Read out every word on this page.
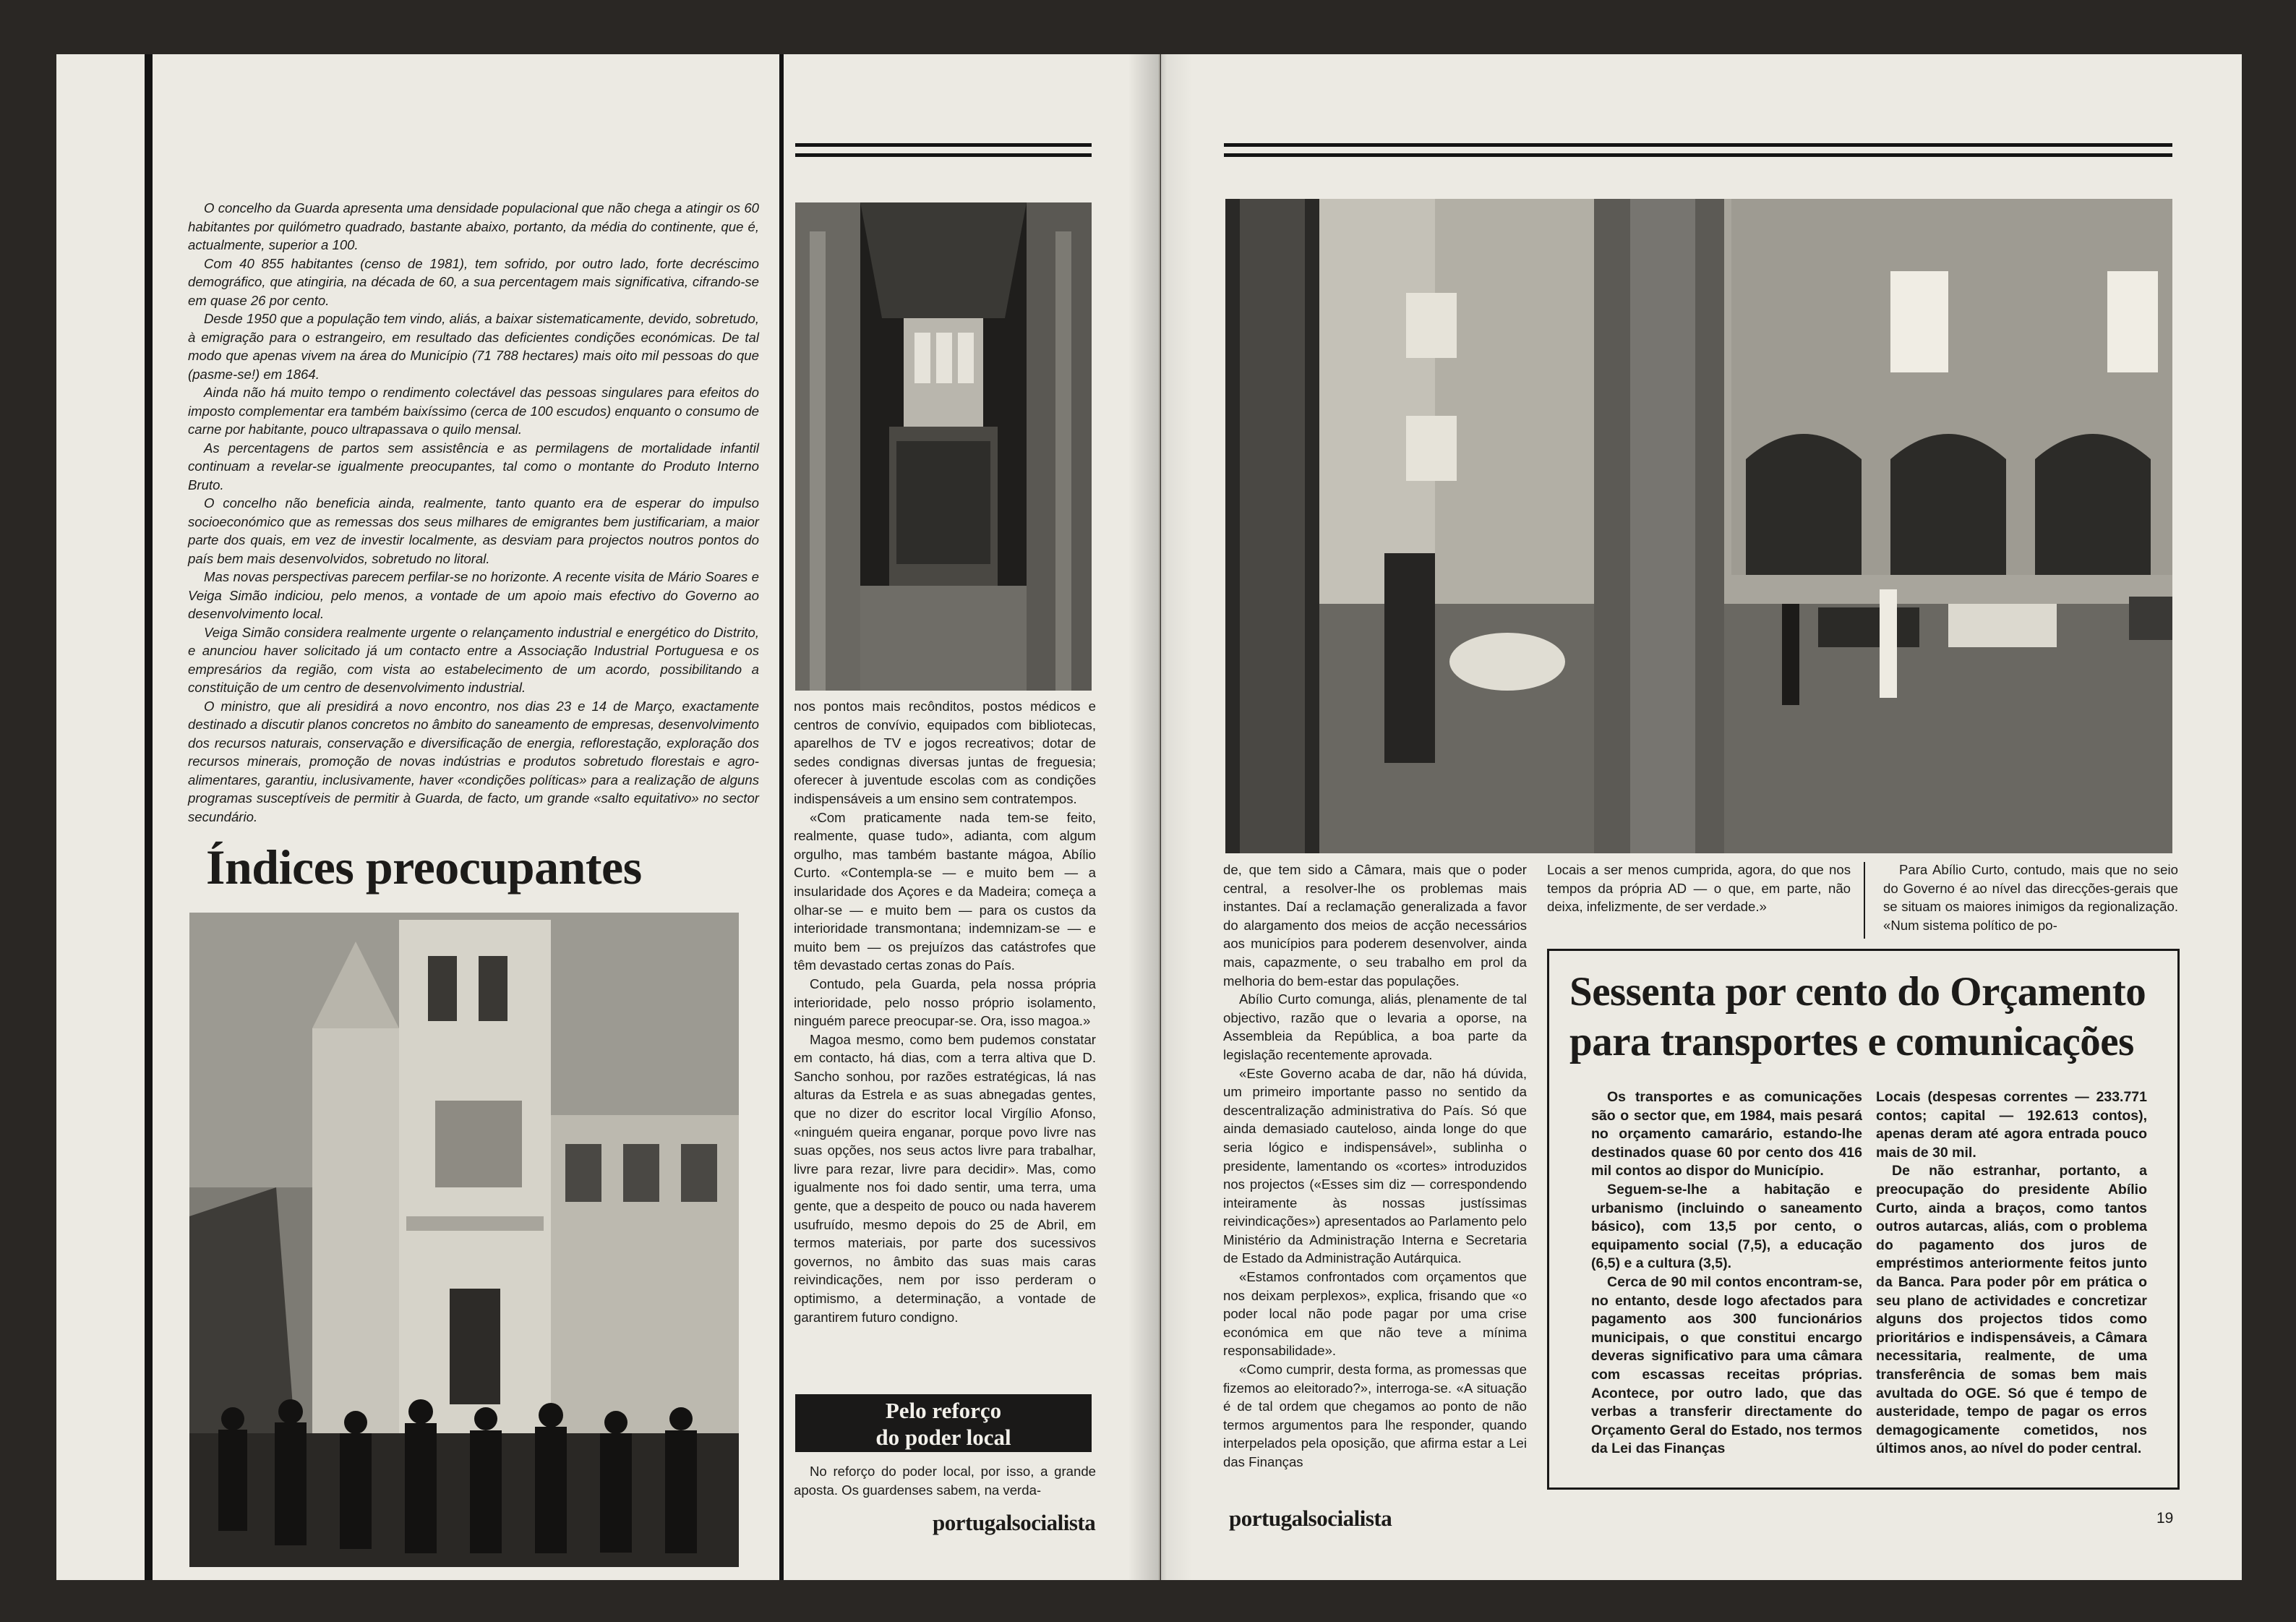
O concelho da Guarda apresenta uma densidade populacional que não chega a atingir os 60 habitantes por quilómetro quadrado, bastante abaixo, portanto, da média do continente, que é, actualmente, superior a 100.

Com 40 855 habitantes (censo de 1981), tem sofrido, por outro lado, forte decréscimo demográfico, que atingiria, na década de 60, a sua percentagem mais significativa, cifrando-se em quase 26 por cento.

Desde 1950 que a população tem vindo, aliás, a baixar sistematicamente, devido, sobretudo, à emigração para o estrangeiro, em resultado das deficientes condições económicas. De tal modo que apenas vivem na área do Município (71 788 hectares) mais oito mil pessoas do que (pasme-se!) em 1864.

Ainda não há muito tempo o rendimento colectável das pessoas singulares para efeitos do imposto complementar era também baixíssimo (cerca de 100 escudos) enquanto o consumo de carne por habitante, pouco ultrapassava o quilo mensal.

As percentagens de partos sem assistência e as permilagens de mortalidade infantil continuam a revelar-se igualmente preocupantes, tal como o montante do Produto Interno Bruto.

O concelho não beneficia ainda, realmente, tanto quanto era de esperar do impulso socioeconómico que as remessas dos seus milhares de emigrantes bem justificariam, a maior parte dos quais, em vez de investir localmente, as desviam para projectos noutros pontos do país bem mais desenvolvidos, sobretudo no litoral.

Mas novas perspectivas parecem perfilar-se no horizonte. A recente visita de Mário Soares e Veiga Simão indiciou, pelo menos, a vontade de um apoio mais efectivo do Governo ao desenvolvimento local.

Veiga Simão considera realmente urgente o relançamento industrial e energético do Distrito, e anunciou haver solicitado já um contacto entre a Associação Industrial Portuguesa e os empresários da região, com vista ao estabelecimento de um acordo, possibilitando a constituição de um centro de desenvolvimento industrial.

O ministro, que ali presidirá a novo encontro, nos dias 23 e 14 de Março, exactamente destinado a discutir planos concretos no âmbito do saneamento de empresas, desenvolvimento dos recursos naturais, conservação e diversificação de energia, reflorestação, exploração dos recursos minerais, promoção de novas indústrias e produtos sobretudo florestais e agro-alimentares, garantiu, inclusivamente, haver «condições políticas» para a realização de alguns programas susceptíveis de permitir à Guarda, de facto, um grande «salto equitativo» no sector secundário.

Índices preocupantes

nos pontos mais recônditos, postos médicos e centros de convívio, equipados com bibliotecas, aparelhos de TV e jogos recreativos; dotar de sedes condignas diversas juntas de freguesia; oferecer à juventude escolas com as condições indispensáveis a um ensino sem contratempos.

«Com praticamente nada tem-se feito, realmente, quase tudo», adianta, com algum orgulho, mas também bastante mágoa, Abílio Curto. «Contempla-se — e muito bem — a insularidade dos Açores e da Madeira; começa a olhar-se — e muito bem — para os custos da interioridade transmontana; indemnizam-se — e muito bem — os prejuízos das catástrofes que têm devastado certas zonas do País.

Contudo, pela Guarda, pela nossa própria interioridade, pelo nosso próprio isolamento, ninguém parece preocupar-se. Ora, isso magoa.»

Magoa mesmo, como bem pudemos constatar em contacto, há dias, com a terra altiva que D. Sancho sonhou, por razões estratégicas, lá nas alturas da Estrela e as suas abnegadas gentes, que no dizer do escritor local Virgílio Afonso, «ninguém queira enganar, porque povo livre nas suas opções, nos seus actos livre para trabalhar, livre para rezar, livre para decidir». Mas, como igualmente nos foi dado sentir, uma terra, uma gente, que a despeito de pouco ou nada haverem usufruído, mesmo depois do 25 de Abril, em termos materiais, por parte dos sucessivos governos, no âmbito das suas mais caras reivindicações, nem por isso perderam o optimismo, a determinação, a vontade de garantirem futuro condigno.

Pelo reforço
do poder local

No reforço do poder local, por isso, a grande aposta. Os guardenses sabem, na verda-

portugalsocialista

de, que tem sido a Câmara, mais que o poder central, a resolver-lhe os problemas mais instantes. Daí a reclamação generalizada a favor do alargamento dos meios de acção necessários aos municípios para poderem desenvolver, ainda mais, capazmente, o seu trabalho em prol da melhoria do bem-estar das populações.

Abílio Curto comunga, aliás, plenamente de tal objectivo, razão que o levaria a oporse, na Assembleia da República, a boa parte da legislação recentemente aprovada.

«Este Governo acaba de dar, não há dúvida, um primeiro importante passo no sentido da descentralização administrativa do País. Só que ainda demasiado cauteloso, ainda longe do que seria lógico e indispensável», sublinha o presidente, lamentando os «cortes» introduzidos nos projectos («Esses sim diz — correspondendo inteiramente às nossas justíssimas reivindicações») apresentados ao Parlamento pelo Ministério da Administração Interna e Secretaria de Estado da Administração Autárquica.

«Estamos confrontados com orçamentos que nos deixam perplexos», explica, frisando que «o poder local não pode pagar por uma crise económica em que não teve a mínima responsabilidade».

«Como cumprir, desta forma, as promessas que fizemos ao eleitorado?», interroga-se. «A situação é de tal ordem que chegamos ao ponto de não termos argumentos para lhe responder, quando interpelados pela oposição, que afirma estar a Lei das Finanças

Locais a ser menos cumprida, agora, do que nos tempos da própria AD — o que, em parte, não deixa, infelizmente, de ser verdade.»

Para Abílio Curto, contudo, mais que no seio do Governo é ao nível das direcções-gerais que se situam os maiores inimigos da regionalização. «Num sistema político de po-

Sessenta por cento do Orçamento para transportes e comunicações

Os transportes e as comunicações são o sector que, em 1984, mais pesará no orçamento camarário, estando-lhe destinados quase 60 por cento dos 416 mil contos ao dispor do Município.

Seguem-se-lhe a habitação e urbanismo (incluindo o saneamento básico), com 13,5 por cento, o equipamento social (7,5), a educação (6,5) e a cultura (3,5).

Cerca de 90 mil contos encontram-se, no entanto, desde logo afectados para pagamento aos 300 funcionários municipais, o que constitui encargo deveras significativo para uma câmara com escassas receitas próprias. Acontece, por outro lado, que das verbas a transferir directamente do Orçamento Geral do Estado, nos termos da Lei das Finanças

Locais (despesas correntes — 233.771 contos; capital — 192.613 contos), apenas deram até agora entrada pouco mais de 30 mil.

De não estranhar, portanto, a preocupação do presidente Abílio Curto, ainda a braços, como tantos outros autarcas, aliás, com o problema do pagamento dos juros de empréstimos anteriormente feitos junto da Banca. Para poder pôr em prática o seu plano de actividades e concretizar alguns dos projectos tidos como prioritários e indispensáveis, a Câmara necessitaria, realmente, de uma transferência de somas bem mais avultada do OGE. Só que é tempo de austeridade, tempo de pagar os erros demagogicamente cometidos, nos últimos anos, ao nível do poder central.

portugalsocialista	19
